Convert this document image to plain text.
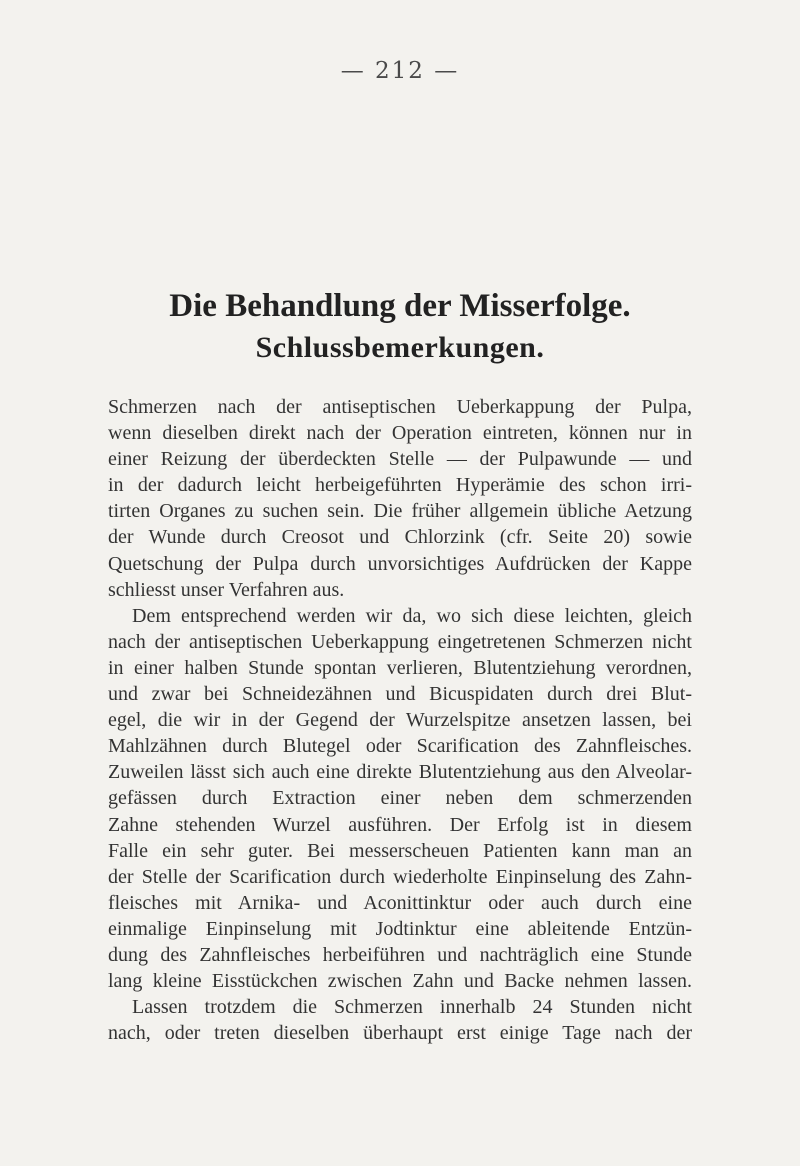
— 212 —
Die Behandlung der Misserfolge.
Schlussbemerkungen.
Schmerzen nach der antiseptischen Ueberkappung der Pulpa,
wenn dieselben direkt nach der Operation eintreten, können nur in
einer Reizung der überdeckten Stelle — der Pulpawunde — und
in der dadurch leicht herbeigeführten Hyperämie des schon irri-
tirten Organes zu suchen sein. Die früher allgemein übliche Aetzung
der Wunde durch Creosot und Chlorzink (cfr. Seite 20) sowie
Quetschung der Pulpa durch unvorsichtiges Aufdrücken der Kappe
schliesst unser Verfahren aus.
Dem entsprechend werden wir da, wo sich diese leichten, gleich
nach der antiseptischen Ueberkappung eingetretenen Schmerzen nicht
in einer halben Stunde spontan verlieren, Blutentziehung verordnen,
und zwar bei Schneidezähnen und Bicuspidaten durch drei Blut-
egel, die wir in der Gegend der Wurzelspitze ansetzen lassen, bei
Mahlzähnen durch Blutegel oder Scarification des Zahnfleisches.
Zuweilen lässt sich auch eine direkte Blutentziehung aus den Alveolar-
gefässen durch Extraction einer neben dem schmerzenden
Zahne stehenden Wurzel ausführen. Der Erfolg ist in diesem
Falle ein sehr guter. Bei messerscheuen Patienten kann man an
der Stelle der Scarification durch wiederholte Einpinselung des Zahn-
fleisches mit Arnika- und Aconittinktur oder auch durch eine
einmalige Einpinselung mit Jodtinktur eine ableitende Entzün-
dung des Zahnfleisches herbeiführen und nachträglich eine Stunde
lang kleine Eisstückchen zwischen Zahn und Backe nehmen lassen.
Lassen trotzdem die Schmerzen innerhalb 24 Stunden nicht
nach, oder treten dieselben überhaupt erst einige Tage nach der
